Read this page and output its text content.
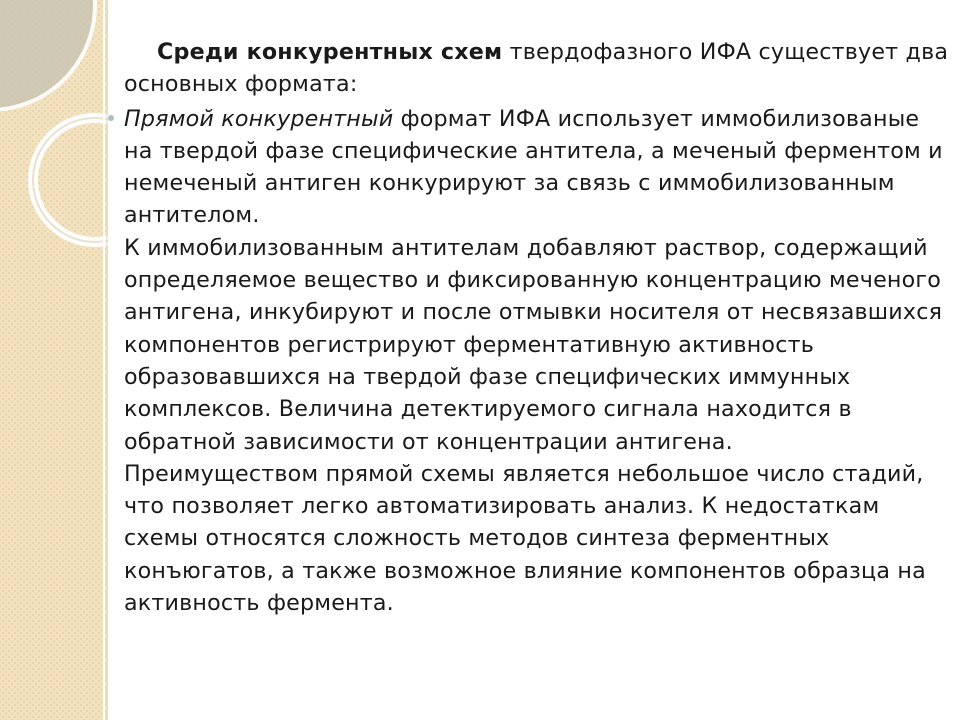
Среди конкурентных схем твердофазного ИФА существует два основных формата:

Прямой конкурентный формат ИФА использует иммобилизованые на твердой фазе специфические антитела, а меченый ферментом и немеченый антиген конкурируют за связь с иммобилизованным антителом.

К иммобилизованным антителам добавляют раствор, содержащий определяемое вещество и фиксированную концентрацию меченого антигена, инкубируют и после отмывки носителя от несвязавшихся компонентов регистрируют ферментативную активность образовавшихся на твердой фазе специфических иммунных комплексов. Величина детектируемого сигнала находится в обратной зависимости от концентрации антигена.

Преимуществом прямой схемы является небольшое число стадий, что позволяет легко автоматизировать анализ. К недостаткам схемы относятся сложность методов синтеза ферментных конъюгатов, а также возможное влияние компонентов образца на активность фермента.
